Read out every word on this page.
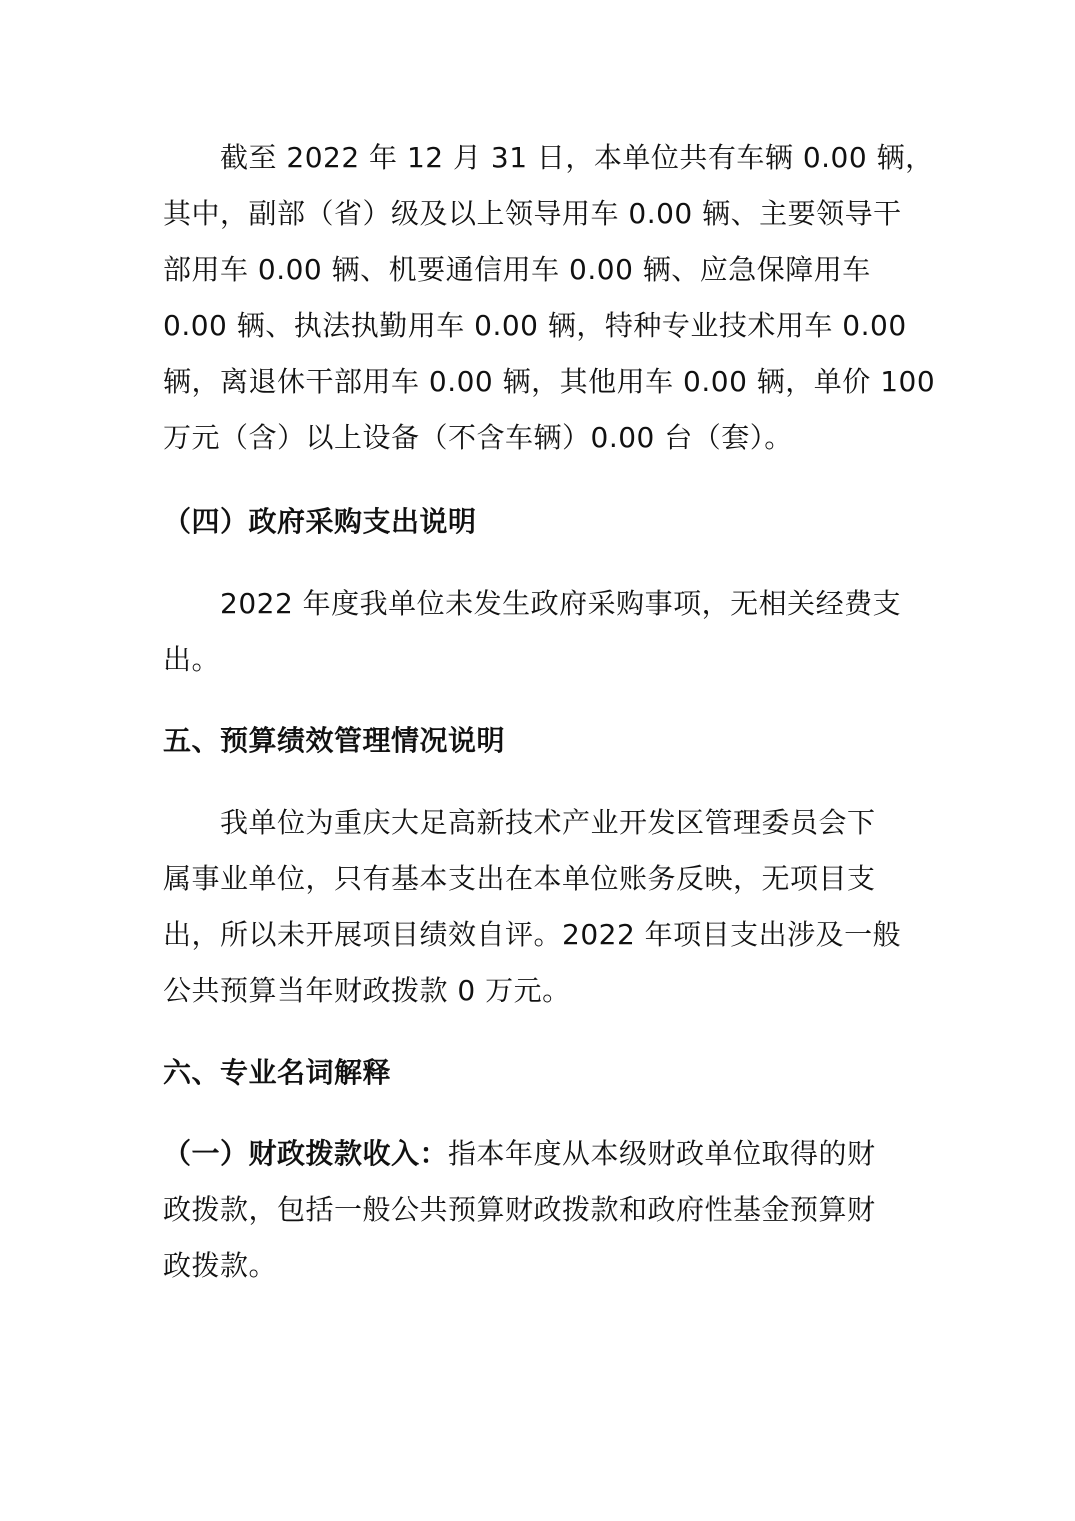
截至 2022 年 12 月 31 日，本单位共有车辆 0.00 辆，
其中，副部（省）级及以上领导用车 0.00 辆、主要领导干
部用车 0.00 辆、机要通信用车 0.00 辆、应急保障用车
0.00 辆、执法执勤用车 0.00 辆，特种专业技术用车 0.00
辆，离退休干部用车 0.00 辆，其他用车 0.00 辆，单价 100
万元（含）以上设备（不含车辆）0.00 台（套）。
（四）政府采购支出说明
2022 年度我单位未发生政府采购事项，无相关经费支
出。
五、预算绩效管理情况说明
我单位为重庆大足高新技术产业开发区管理委员会下
属事业单位，只有基本支出在本单位账务反映，无项目支
出，所以未开展项目绩效自评。2022 年项目支出涉及一般
公共预算当年财政拨款 0 万元。
六、专业名词解释
（一）财政拨款收入：指本年度从本级财政单位取得的财
政拨款，包括一般公共预算财政拨款和政府性基金预算财
政拨款。
